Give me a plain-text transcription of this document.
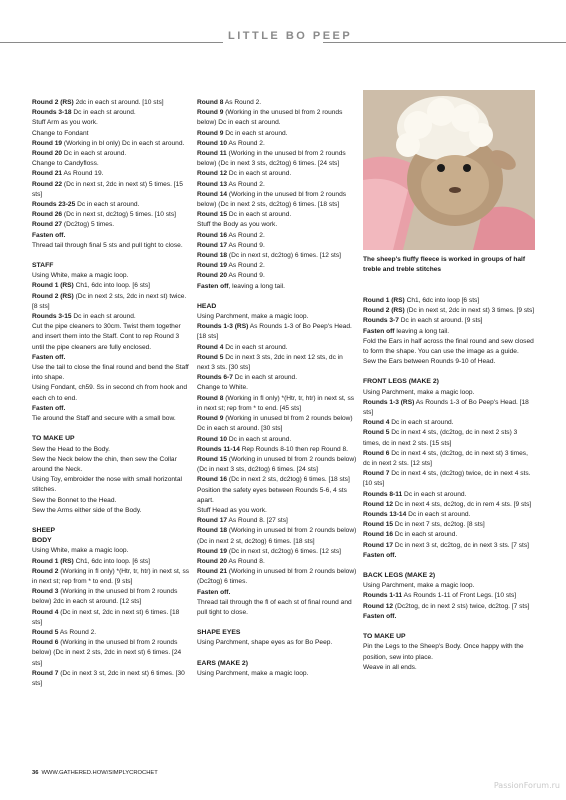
LITTLE BO PEEP

Round 2 (RS) 2dc in each st around. [10 sts]

Rounds 3-18 Dc in each st around.

Stuff Arm as you work.

Change to Fondant

Round 19 (Working in bl only) Dc in each st around.

Round 20 Dc in each st around.

Change to Candyfloss.

Round 21 As Round 19.

Round 22 (Dc in next st, 2dc in next st) 5 times. [15 sts]

Rounds 23-25 Dc in each st around.

Round 26 (Dc in next st, dc2tog) 5 times. [10 sts]

Round 27 (Dc2tog) 5 times.

Fasten off.

Thread tail through final 5 sts and pull tight to close.

STAFF

Using White, make a magic loop.

Round 1 (RS) Ch1, 6dc into loop. [6 sts]

Round 2 (RS) (Dc in next 2 sts, 2dc in next st) twice. [8 sts]

Rounds 3-15 Dc in each st around.

Cut the pipe cleaners to 30cm. Twist them together and insert them into the Staff. Cont to rep Round 3 until the pipe cleaners are fully enclosed.

Fasten off.

Use the tail to close the final round and bend the Staff into shape.

Using Fondant, ch59. Ss in second ch from hook and each ch to end.

Fasten off.

Tie around the Staff and secure with a small bow.

TO MAKE UP

Sew the Head to the Body.

Sew the Neck below the chin, then sew the Collar around the Neck.

Using Toy, embroider the nose with small horizontal stitches.

Sew the Bonnet to the Head.

Sew the Arms either side of the Body.

SHEEP
BODY

Using White, make a magic loop.

Round 1 (RS) Ch1, 6dc into loop. [6 sts]

Round 2 (Working in fl only) *(Htr, tr, htr) in next st, ss in next st; rep from * to end. [9 sts]

Round 3 (Working in the unused bl from 2 rounds below) 2dc in each st around. [12 sts]

Round 4 (Dc in next st, 2dc in next st) 6 times. [18 sts]

Round 5 As Round 2.

Round 6 (Working in the unused bl from 2 rounds below) (Dc in next 2 sts, 2dc in next st) 6 times. [24 sts]

Round 7 (Dc in next 3 st, 2dc in next st) 6 times. [30 sts]

Round 8 As Round 2.

Round 9 (Working in the unused bl from 2 rounds below) Dc in each st around.

Round 9 Dc in each st around.

Round 10 As Round 2.

Round 11 (Working in the unused bl from 2 rounds below) (Dc in next 3 sts, dc2tog) 6 times. [24 sts]

Round 12 Dc in each st around.

Round 13 As Round 2.

Round 14 (Working in the unused bl from 2 rounds below) (Dc in next 2 sts, dc2tog) 6 times. [18 sts]

Round 15 Dc in each st around.

Stuff the Body as you work.

Round 16 As Round 2.

Round 17 As Round 9.

Round 18 (Dc in next st, dc2tog) 6 times. [12 sts]

Round 19 As Round 2.

Round 20 As Round 9.

Fasten off, leaving a long tail.

HEAD

Using Parchment, make a magic loop.

Rounds 1-3 (RS) As Rounds 1-3 of Bo Peep's Head. [18 sts]

Round 4 Dc in each st around.

Round 5 Dc in next 3 sts, 2dc in next 12 sts, dc in next 3 sts. [30 sts]

Rounds 6-7 Dc in each st around.

Change to White.

Round 8 (Working in fl only) *(Htr, tr, htr) in next st, ss in next st; rep from * to end. [45 sts]

Round 9 (Working in unused bl from 2 rounds below) Dc in each st around. [30 sts]

Round 10 Dc in each st around.

Rounds 11-14 Rep Rounds 8-10 then rep Round 8.

Round 15 (Working in unused bl from 2 rounds below) (Dc in next 3 sts, dc2tog) 6 times. [24 sts]

Round 16 (Dc in next 2 sts, dc2tog) 6 times. [18 sts]

Position the safety eyes between Rounds 5-6, 4 sts apart.

Stuff Head as you work.

Round 17 As Round 8. [27 sts]

Round 18 (Working in unused bl from 2 rounds below) (Dc in next 2 st, dc2tog) 6 times. [18 sts]

Round 19 (Dc in next st, dc2tog) 6 times. [12 sts]

Round 20 As Round 8.

Round 21 (Working in unused bl from 2 rounds below) (Dc2tog) 6 times.

Fasten off.

Thread tail through the fl of each st of final round and pull tight to close.

SHAPE EYES

Using Parchment, shape eyes as for Bo Peep.

EARS (MAKE 2)

Using Parchment, make a magic loop.

The sheep's fluffy fleece is worked in groups of half treble and treble stitches

Round 1 (RS) Ch1, 6dc into loop [6 sts]

Round 2 (RS) (Dc in next st, 2dc in next st) 3 times. [9 sts]

Rounds 3-7 Dc in each st around. [9 sts]

Fasten off leaving a long tail.

Fold the Ears in half across the final round and sew closed to form the shape. You can use the image as a guide.

Sew the Ears between Rounds 9-10 of Head.

FRONT LEGS (MAKE 2)

Using Parchment, make a magic loop.

Rounds 1-3 (RS) As Rounds 1-3 of Bo Peep's Head. [18 sts]

Round 4 Dc in each st around.

Round 5 Dc in next 4 sts, (dc2tog, dc in next 2 sts) 3 times, dc in next 2 sts. [15 sts]

Round 6 Dc in next 4 sts, (dc2tog, dc in next st) 3 times, dc in next 2 sts. [12 sts]

Round 7 Dc in next 4 sts, (dc2tog) twice, dc in next 4 sts. [10 sts]

Rounds 8-11 Dc in each st around.

Round 12 Dc in next 4 sts, dc2tog, dc in rem 4 sts. [9 sts]

Rounds 13-14 Dc in each st around.

Round 15 Dc in next 7 sts, dc2tog. [8 sts]

Round 16 Dc in each st around.

Round 17 Dc in next 3 st, dc2tog, dc in next 3 sts. [7 sts]

Fasten off.

BACK LEGS (MAKE 2)

Using Parchment, make a magic loop.

Rounds 1-11 As Rounds 1-11 of Front Legs. [10 sts]

Round 12 (Dc2tog, dc in next 2 sts) twice, dc2tog. [7 sts]

Fasten off.

TO MAKE UP

Pin the Legs to the Sheep's Body. Once happy with the position, sew into place.

Weave in all ends.

36 WWW.GATHERED.HOW/SIMPLYCROCHET
PassionForum.ru
